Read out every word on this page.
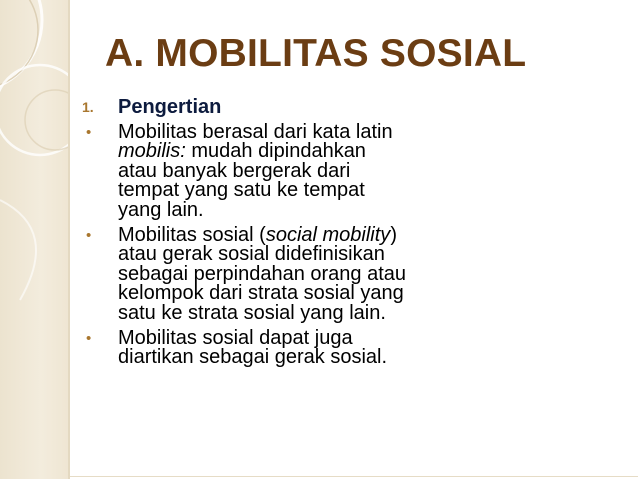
A. MOBILITAS SOSIAL
1.	Pengertian
•	Mobilitas berasal dari kata latin mobilis: mudah dipindahkan atau banyak bergerak dari tempat yang satu ke tempat yang lain.
•	Mobilitas sosial (social mobility) atau gerak sosial didefinisikan sebagai perpindahan orang atau kelompok dari strata sosial yang satu ke strata sosial yang lain.
•	Mobilitas sosial dapat juga diartikan sebagai gerak sosial.
